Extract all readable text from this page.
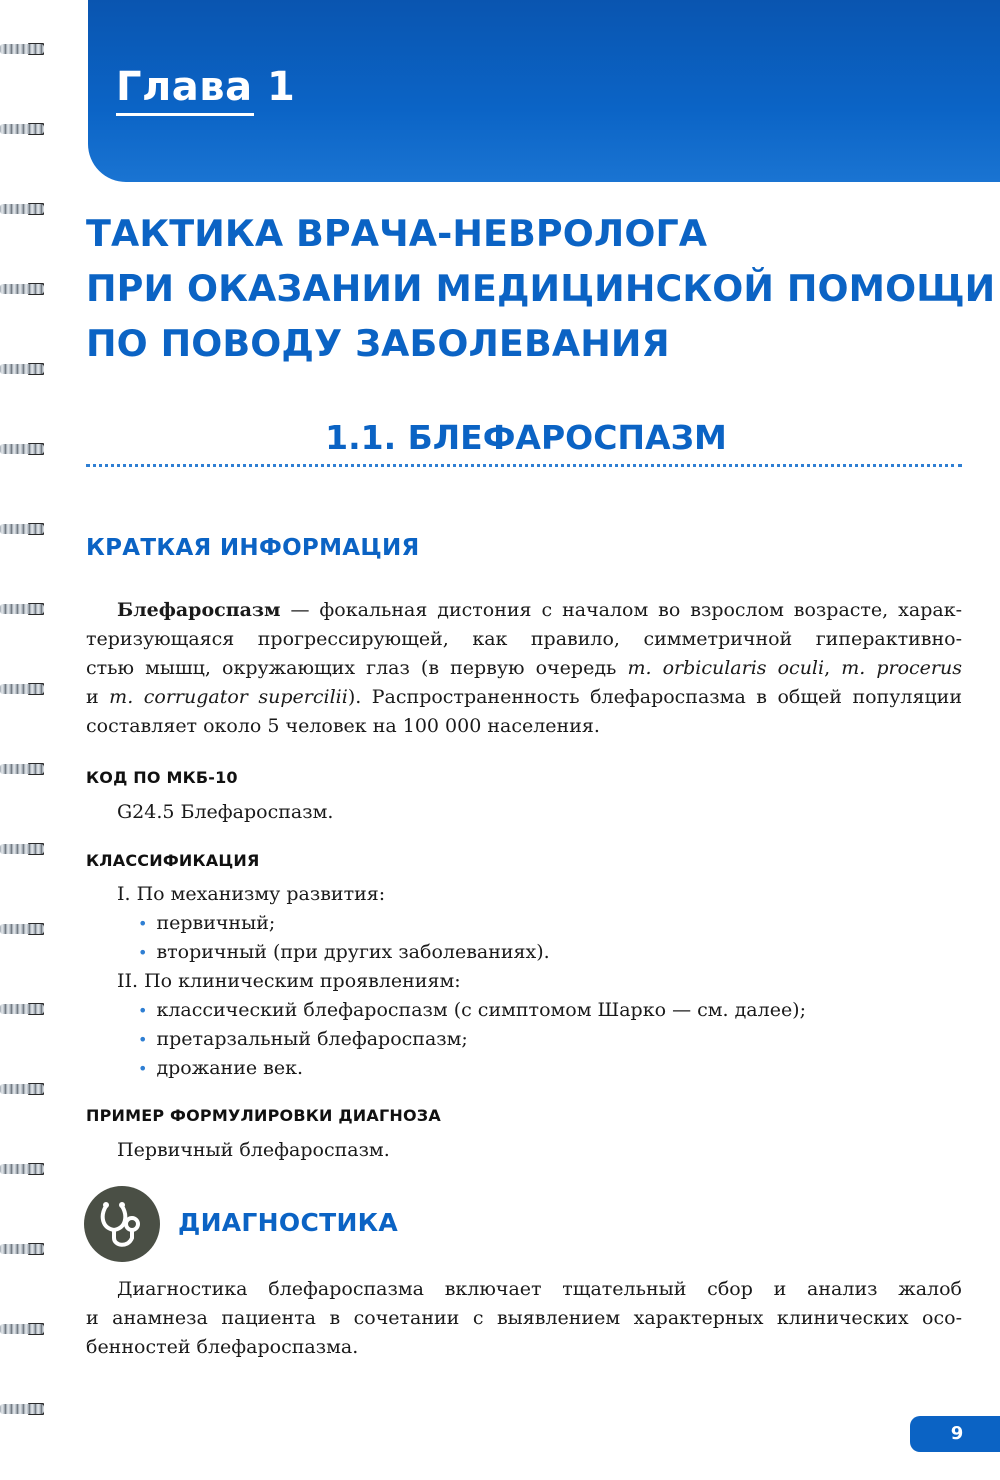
Глава 1
ТАКТИКА ВРАЧА-НЕВРОЛОГА
ПРИ ОКАЗАНИИ МЕДИЦИНСКОЙ ПОМОЩИ
ПО ПОВОДУ ЗАБОЛЕВАНИЯ
1.1. БЛЕФАРОСПАЗМ
КРАТКАЯ ИНФОРМАЦИЯ
Блефароспазм — фокальная дистония с началом во взрослом возрасте, харак-
теризующаяся прогрессирующей, как правило, симметричной гиперактивно-
стью мышц, окружающих глаз (в первую очередь m. orbicularis oculi, m. procerus
и m. corrugator supercilii). Распространенность блефароспазма в общей популяции
составляет около 5 человек на 100 000 населения.
КОД ПО МКБ-10
G24.5 Блефароспазм.
КЛАССИФИКАЦИЯ
I. По механизму развития:
• первичный;
• вторичный (при других заболеваниях).
II. По клиническим проявлениям:
• классический блефароспазм (с симптомом Шарко — см. далее);
• претарзальный блефароспазм;
• дрожание век.
ПРИМЕР ФОРМУЛИРОВКИ ДИАГНОЗА
Первичный блефароспазм.
ДИАГНОСТИКА
Диагностика блефароспазма включает тщательный сбор и анализ жалоб
и анамнеза пациента в сочетании с выявлением характерных клинических осо-
бенностей блефароспазма.
9
